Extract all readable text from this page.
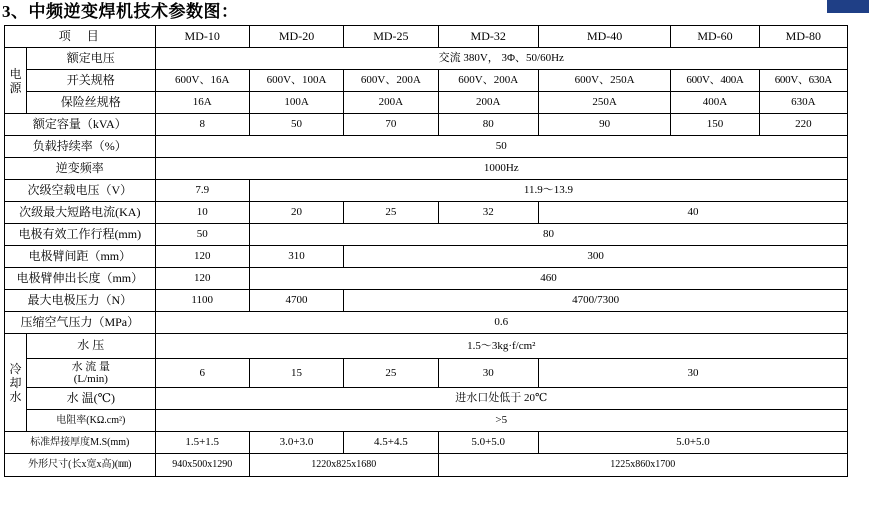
3、中频逆变焊机技术参数图：
项　目		MD-10	MD-20	MD-25	MD-32	MD-40	MD-60	MD-80

电
源	额定电压	交流 380V， 3Φ、50/60Hz						
	开关规格	600V、16A	600V、100A	600V、200A	600V、200A	600V、250A	600V、400A	600V、630A
	保险丝规格	16A	100A	200A	200A	250A	400A	630A
额定容量（kVA）		8	50	70	80	90	150	220
负载持续率（%）		50						
逆变频率		1000Hz						
次级空载电压（V）		7.9	11.9～13.9					
次级最大短路电流(KA)		10	20	25	32	40		
电极有效工作行程(mm)		50	80					
电极臂间距（mm）		120	310	300				
电极臂伸出长度（mm）		120	460					
最大电极压力（N）		1100	4700	4700/7300				
压缩空气压力（MPa）		0.6						

冷
却
水	水 压	1.5～3kg·f/cm²						

	水 流 量
(L/min)	6	15	25	30	30		
	水 温(℃)	进水口处低于 20℃						
	电阻率(KΩ.cm²)	>5						
标准焊接厚度M.S(mm)		1.5+1.5	3.0+3.0	4.5+4.5	5.0+5.0	5.0+5.0		
外形尺寸(长x宽x高)(㎜)		940x500x1290	1220x825x1680		1225x860x1700			
